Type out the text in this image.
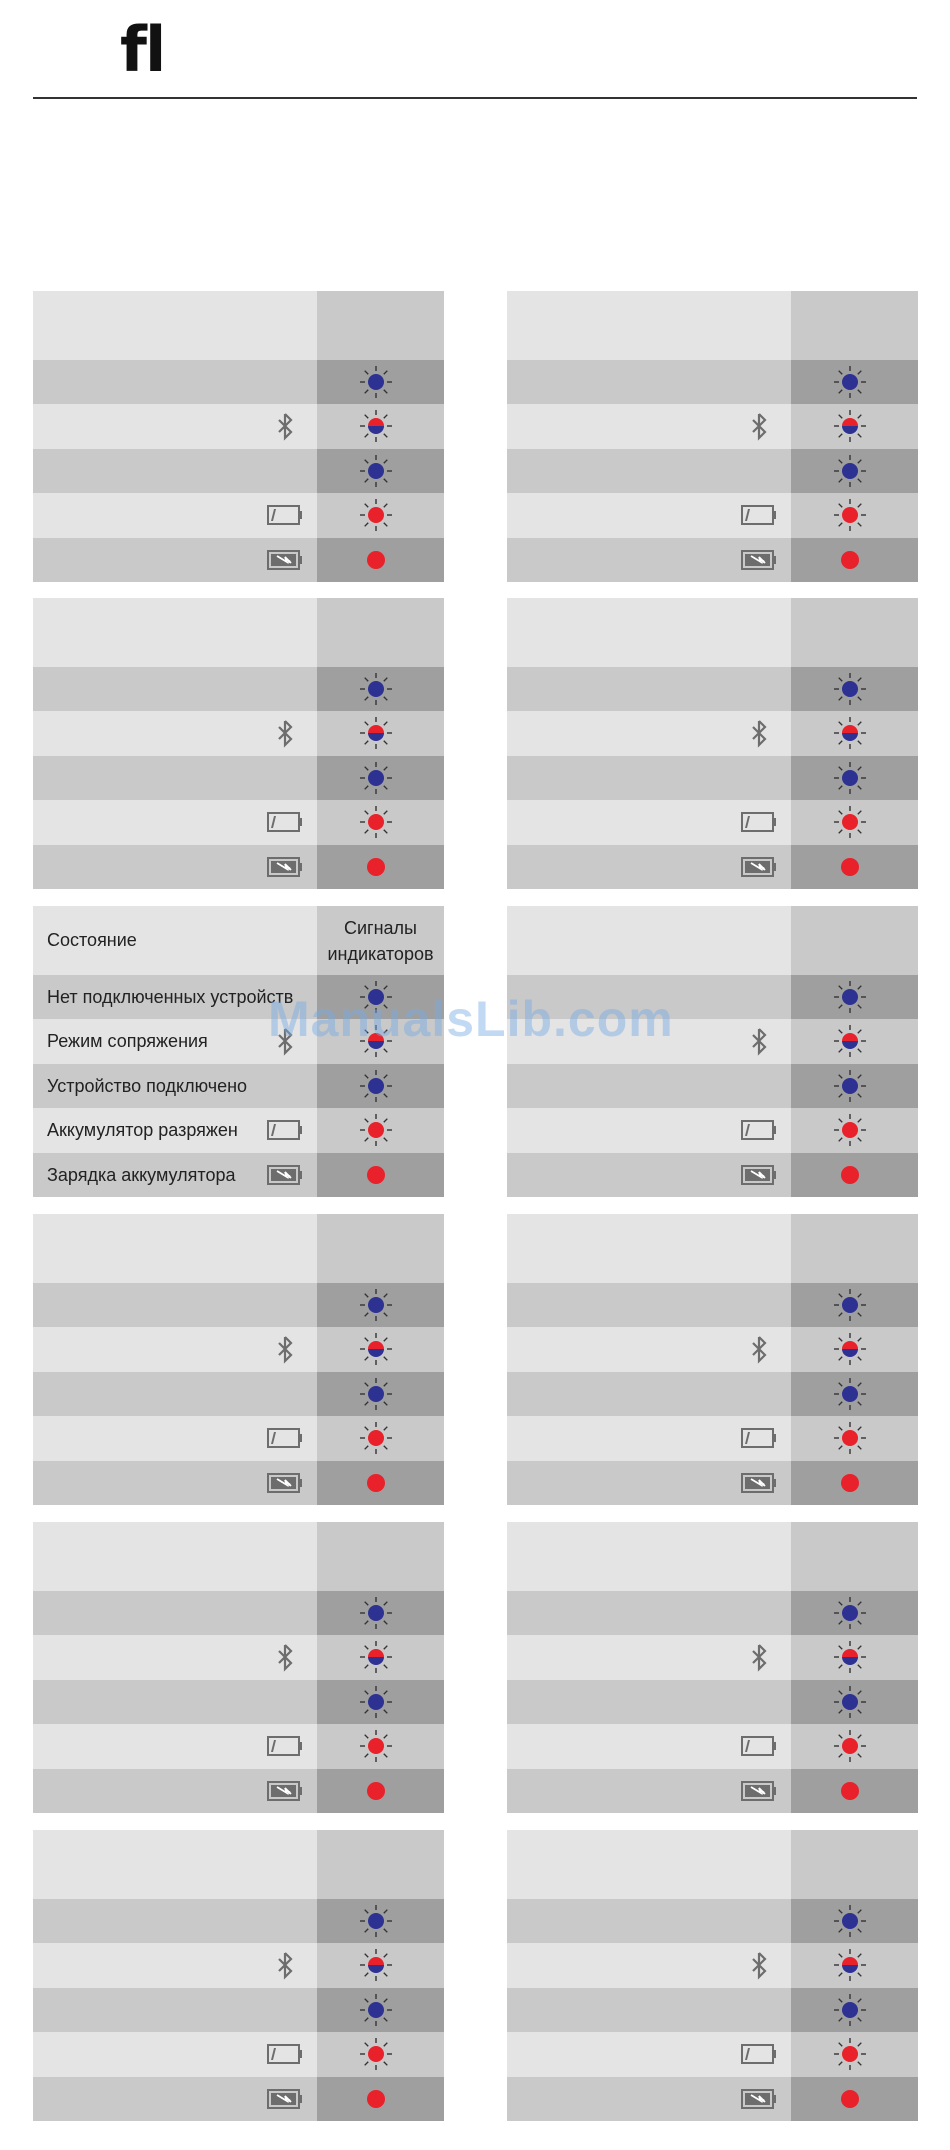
fl
Состояние
Сигналы индикаторов
Нет подключенных устройств
Режим сопряжения
Устройство подключено
Аккумулятор разряжен
Зарядка аккумулятора
ManualsLib.com
